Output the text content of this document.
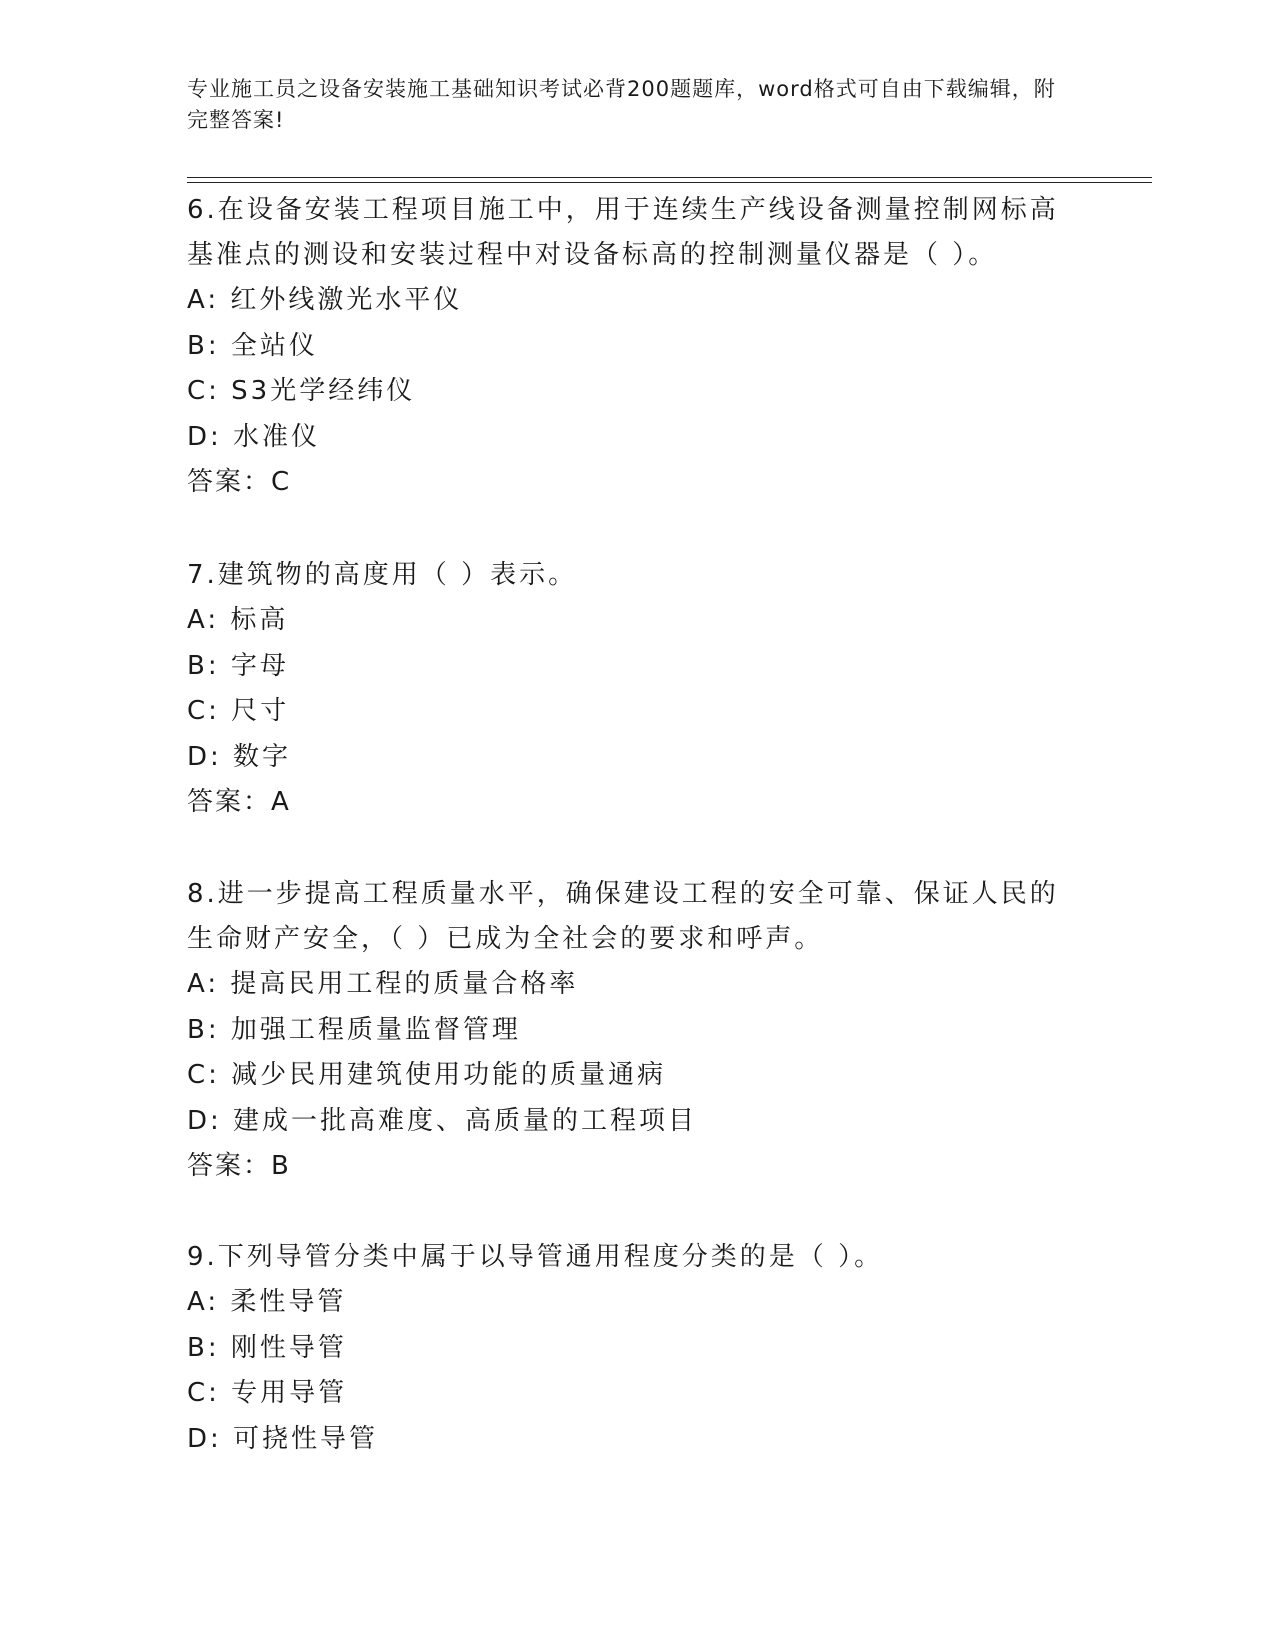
专业施工员之设备安装施工基础知识考试必背200题题库，word格式可自由下载编辑，附完整答案!
6.在设备安装工程项目施工中，用于连续生产线设备测量控制网标高基准点的测设和安装过程中对设备标高的控制测量仪器是（ ）。
A: 红外线激光水平仪
B: 全站仪
C: S3光学经纬仪
D: 水准仪
答案：C
7.建筑物的高度用（ ）表示。
A: 标高
B: 字母
C: 尺寸
D: 数字
答案：A
8.进一步提高工程质量水平，确保建设工程的安全可靠、保证人民的生命财产安全，（ ）已成为全社会的要求和呼声。
A: 提高民用工程的质量合格率
B: 加强工程质量监督管理
C: 减少民用建筑使用功能的质量通病
D: 建成一批高难度、高质量的工程项目
答案：B
9.下列导管分类中属于以导管通用程度分类的是（ ）。
A: 柔性导管
B: 刚性导管
C: 专用导管
D: 可挠性导管
